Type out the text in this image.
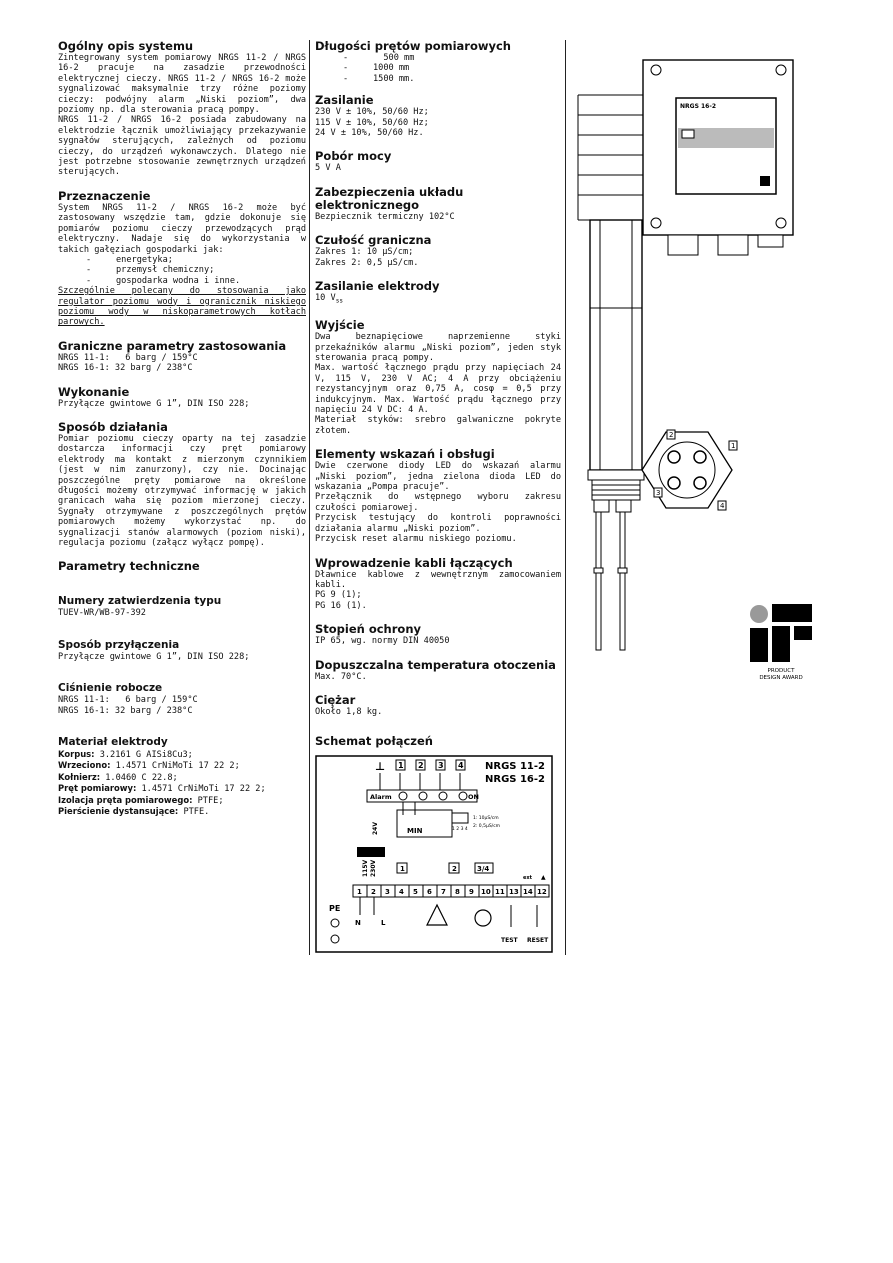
Ogólny opis systemu

Zintegrowany system pomiarowy NRGS 11-2 / NRGS 16-2 pracuje na zasadzie przewodności elektrycznej cieczy. NRGS 11-2 / NRGS 16-2 może sygnalizować maksymalnie trzy różne poziomy cieczy: podwójny alarm „Niski poziom”, dwa poziomy np. dla sterowania pracą pompy.

NRGS 11-2 / NRGS 16-2 posiada zabudowany na elektrodzie łącznik umożliwiający przekazywanie sygnałów sterujących, zależnych od poziomu cieczy, do urządzeń wykonawczych. Dlatego nie jest potrzebne stosowanie zewnętrznych urządzeń sterujących.

Przeznaczenie

System NRGS 11-2 / NRGS 16-2 może być zastosowany wszędzie tam, gdzie dokonuje się pomiarów poziomu cieczy przewodzących prąd elektryczny. Nadaje się do wykorzystania w takich gałęziach gospodarki jak:

- energetyka;
- przemysł chemiczny;
- gospodarka wodna i inne.

Szczególnie polecany do stosowania jako regulator poziomu wody i ogranicznik niskiego poziomu wody w niskoparametrowych kotłach parowych.

Graniczne parametry zastosowania

NRGS 11-1:   6 barg / 159°C

NRGS 16-1: 32 barg / 238°C

Wykonanie

Przyłącze gwintowe G 1”, DIN ISO 228;

Sposób działania

Pomiar poziomu cieczy oparty na tej zasadzie dostarcza informacji czy pręt pomiarowy elektrody ma kontakt z mierzonym czynnikiem (jest w nim zanurzony), czy nie. Docinając poszczególne pręty pomiarowe na określone długości możemy otrzymywać informację w jakich granicach waha się poziom mierzonej cieczy. Sygnały otrzymywane z poszczególnych prętów pomiarowych możemy wykorzystać np. do sygnalizacji stanów alarmowych (poziom niski), regulacja poziomu (załącz wyłącz pompę).

Parametry techniczne
Numery zatwierdzenia typu

TUEV-WR/WB-97-392

Sposób przyłączenia

Przyłącze gwintowe G 1”, DIN ISO 228;

Ciśnienie robocze

NRGS 11-1:   6 barg / 159°C

NRGS 16-1: 32 barg / 238°C

Materiał elektrody

Korpus: 3.2161 G AISi8Cu3;

Wrzeciono: 1.4571 CrNiMoTi 17 22 2;

Kołnierz: 1.0460 C 22.8;

Pręt pomiarowy: 1.4571 CrNiMoTi 17 22 2;

Izolacja pręta pomiarowego: PTFE;

Pierścienie dystansujące: PTFE.

Długości prętów pomiarowych
-	500 mm
-	1000 mm
-	1500 mm.
Zasilanie

230 V ± 10%, 50/60 Hz;

115 V ± 10%, 50/60 Hz;

24 V ± 10%, 50/60 Hz.

Pobór mocy

5 V A

Zabezpieczenia układu elektronicznego

Bezpiecznik termiczny 102°C

Czułość graniczna

Zakres 1: 10 µS/cm;

Zakres 2: 0,5 µS/cm.

Zasilanie elektrody

10 $V_{ss}$

Wyjście

Dwa beznapięciowe naprzemienne styki przekaźników alarmu „Niski poziom”, jeden styk sterowania pracą pompy.

Max. wartość łącznego prądu przy napięciach 24 V, 115 V, 230 V AC; 4 A przy obciążeniu rezystancyjnym oraz 0,75 A, cosφ = 0,5 przy indukcyjnym. Max. Wartość prądu łącznego przy napięciu 24 V DC: 4 A.

Materiał styków: srebro galwaniczne pokryte złotem.

Elementy wskazań i obsługi

Dwie czerwone diody LED do wskazań alarmu „Niski poziom”, jedna zielona dioda LED do wskazania „Pompa pracuje”.

Przełącznik do wstępnego wyboru zakresu czułości pomiarowej.

Przycisk testujący do kontroli poprawności działania alarmu „Niski poziom”.

Przycisk reset alarmu niskiego poziomu.

Wprowadzenie kabli łączących

Dławnice kablowe z wewnętrznym zamocowaniem kabli.

PG 9 (1);

PG 16 (1).

Stopień ochrony

IP 65, wg. normy DIN 40050

Dopuszczalna temperatura otoczenia

Max. 70°C.

Ciężar

Około 1,8 kg.

Schemat połączeń
NRGS 11-2
NRGS 16-2
⊥ 1 2 3 4
Alarm	ON
MIN	1 2 3 4
1: 10µS/cm
2: 0,5µS/cm
24V
115V 230V	1	2	3/4
ext ▲
1 2 3 4 5 6 7 8 9 10 11 13 14 12
PE
N	L
TEST RESET
NRGS 16-2
2
1
3
4
PRODUCT
DESIGN AWARD
